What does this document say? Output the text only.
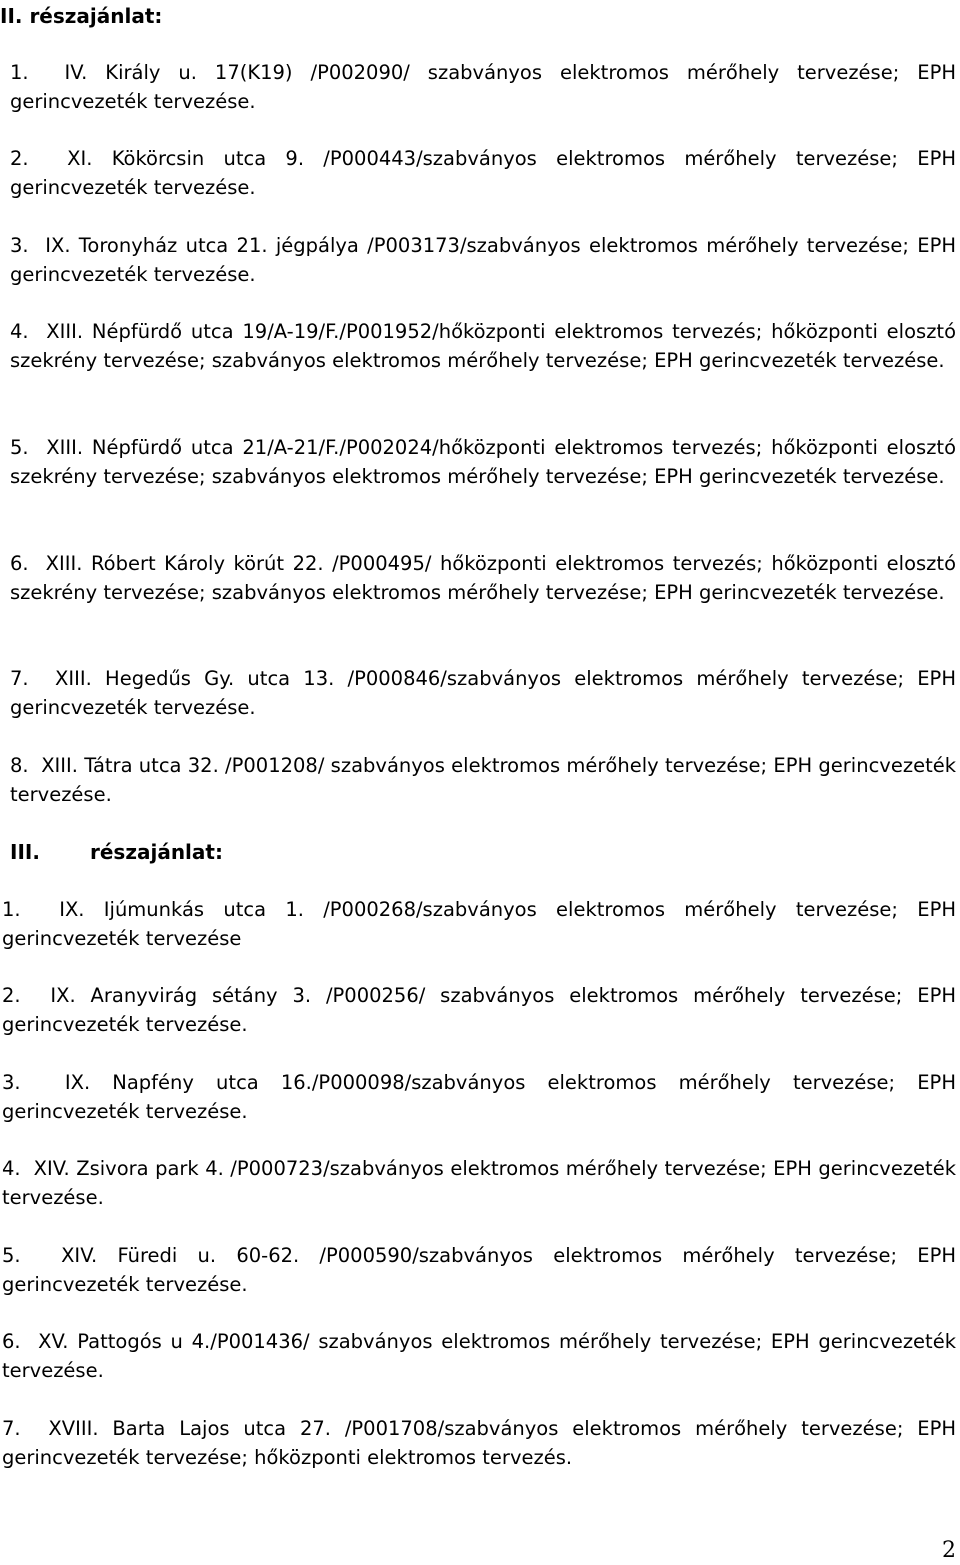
II. részajánlat:
1. IV. Király u. 17(K19) /P002090/ szabványos elektromos mérőhely tervezése; EPH gerincvezeték tervezése.
2. XI. Kökörcsin utca 9. /P000443/szabványos elektromos mérőhely tervezése; EPH gerincvezeték tervezése.
3. IX. Toronyház utca 21. jégpálya /P003173/szabványos elektromos mérőhely tervezése; EPH gerincvezeték tervezése.
4. XIII. Népfürdő utca 19/A-19/F./P001952/hőközponti elektromos tervezés; hőközponti elosztó szekrény tervezése; szabványos elektromos mérőhely tervezése; EPH gerincvezeték tervezése.
5. XIII. Népfürdő utca 21/A-21/F./P002024/hőközponti elektromos tervezés; hőközponti elosztó szekrény tervezése; szabványos elektromos mérőhely tervezése; EPH gerincvezeték tervezése.
6. XIII. Róbert Károly körút 22. /P000495/ hőközponti elektromos tervezés; hőközponti elosztó szekrény tervezése; szabványos elektromos mérőhely tervezése; EPH gerincvezeték tervezése.
7. XIII. Hegedűs Gy. utca 13. /P000846/szabványos elektromos mérőhely tervezése; EPH gerincvezeték tervezése.
8. XIII. Tátra utca 32. /P001208/ szabványos elektromos mérőhely tervezése; EPH gerincvezeték tervezése.
III.	részajánlat:
1. IX. Ijúmunkás utca 1. /P000268/szabványos elektromos mérőhely tervezése; EPH gerincvezeték tervezése
2. IX. Aranyvirág sétány 3. /P000256/ szabványos elektromos mérőhely tervezése; EPH gerincvezeték tervezése.
3. IX. Napfény utca 16./P000098/szabványos elektromos mérőhely tervezése; EPH gerincvezeték tervezése.
4. XIV. Zsivora park 4. /P000723/szabványos elektromos mérőhely tervezése; EPH gerincvezeték tervezése.
5. XIV. Füredi u. 60-62. /P000590/szabványos elektromos mérőhely tervezése; EPH gerincvezeték tervezése.
6. XV. Pattogós u 4./P001436/ szabványos elektromos mérőhely tervezése; EPH gerincvezeték tervezése.
7. XVIII. Barta Lajos utca 27. /P001708/szabványos elektromos mérőhely tervezése; EPH gerincvezeték tervezése; hőközponti elektromos tervezés.
2
